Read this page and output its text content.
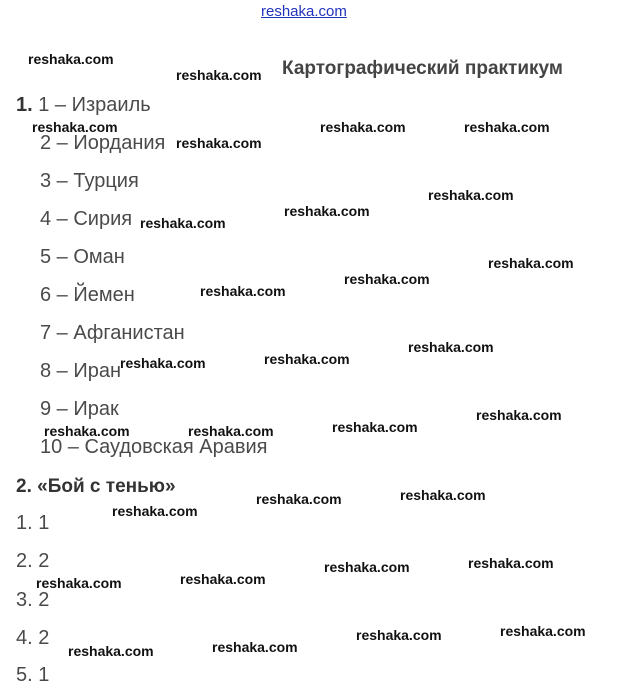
reshaka.com
Картографический практикум
1. 1 – Израиль
2 – Иордания
3 – Турция
4 – Сирия
5 – Оман
6 – Йемен
7 – Афганистан
8 – Иран
9 – Ирак
10 – Саудовская Аравия
2. «Бой с тенью»
1. 1
2. 2
3. 2
4. 2
5. 1
reshaka.com
reshaka.com
reshaka.com	reshaka.com	reshaka.com
reshaka.com
reshaka.com
reshaka.com
reshaka.com
reshaka.com
reshaka.com
reshaka.com
reshaka.com
reshaka.com
reshaka.com
reshaka.com
reshaka.com
reshaka.com	reshaka.com
reshaka.com
reshaka.com
reshaka.com
reshaka.com
reshaka.com
reshaka.com
reshaka.com
reshaka.com
reshaka.com
reshaka.com
reshaka.com
